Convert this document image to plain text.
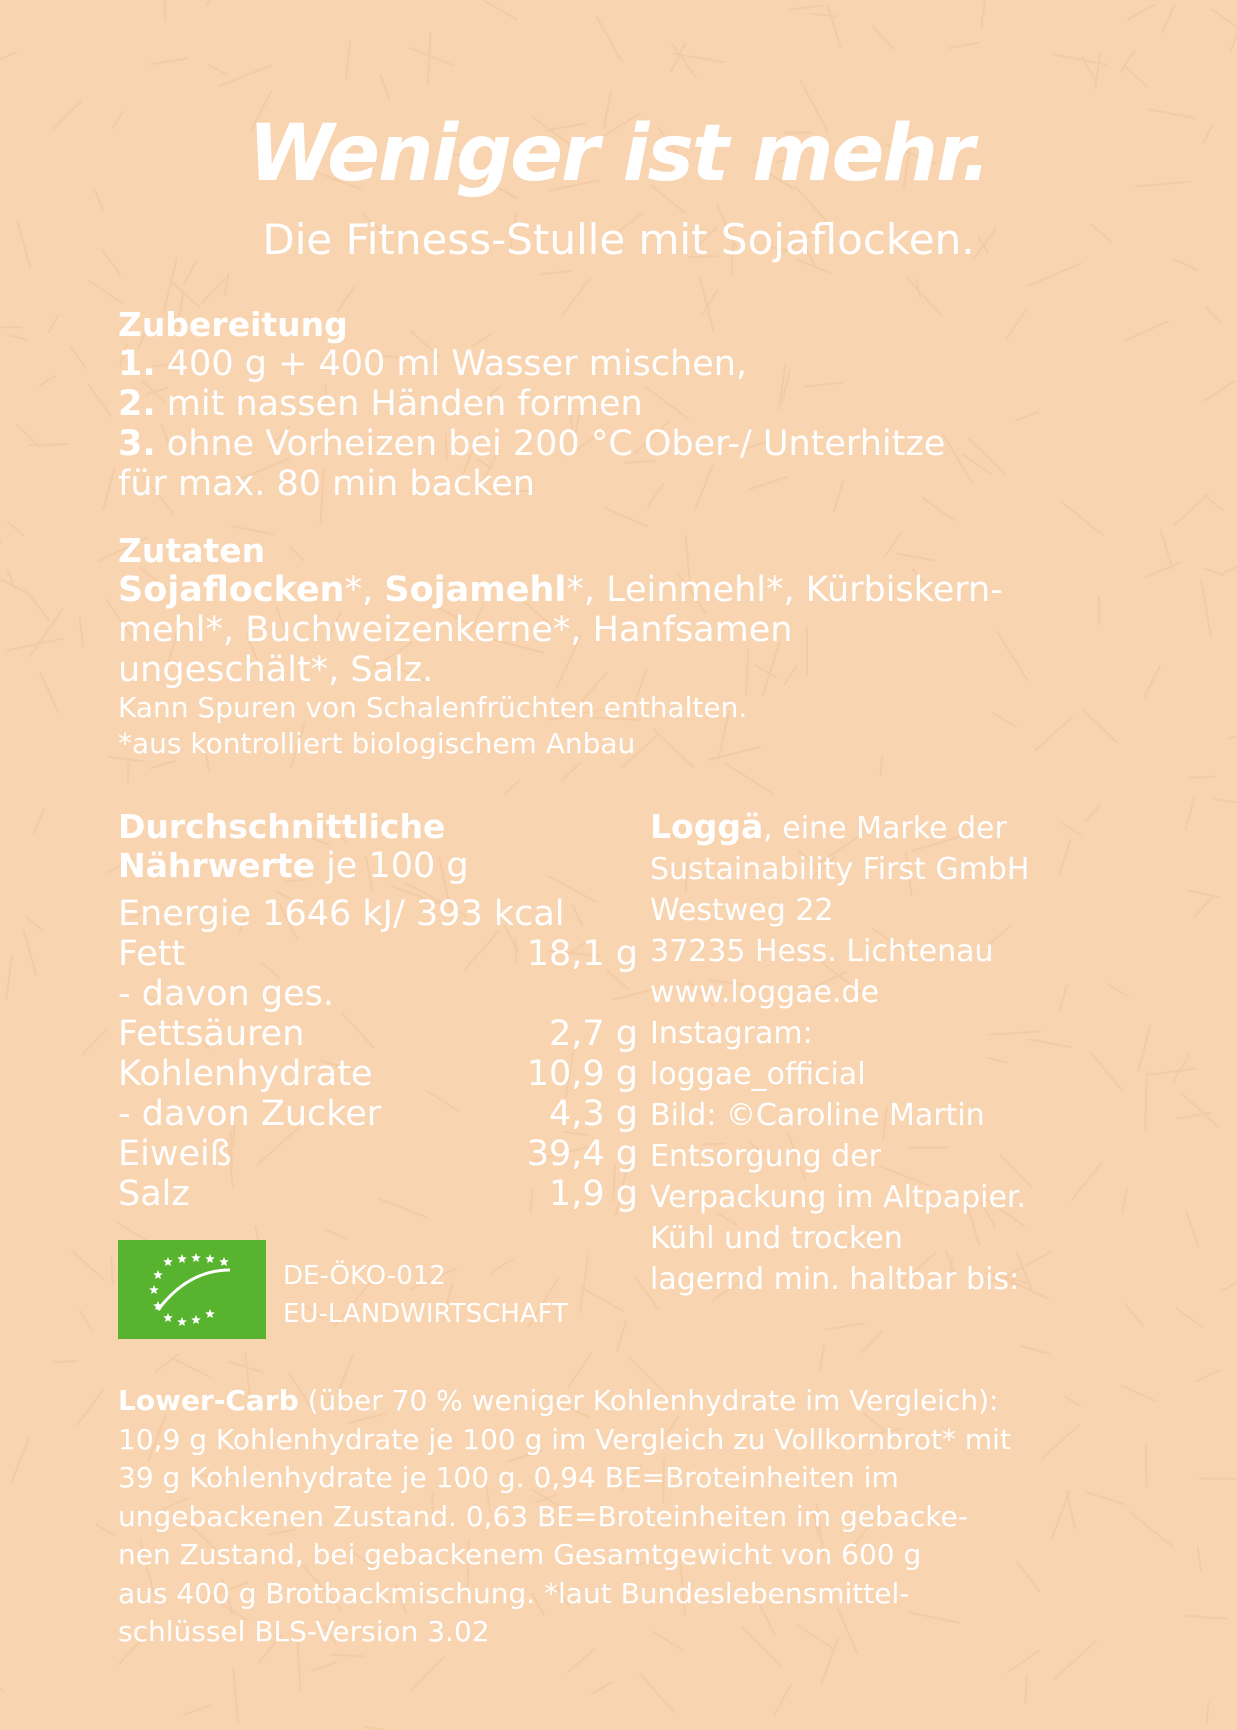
Weniger ist mehr.
Die Fitness-Stulle mit Sojaflocken.
Zubereitung
1. 400 g + 400 ml Wasser mischen,
2. mit nassen Händen formen
3. ohne Vorheizen bei 200 °C Ober-/ Unterhitze
für max. 80 min backen
Zutaten
Sojaflocken*, Sojamehl*, Leinmehl*, Kürbiskern-
mehl*, Buchweizenkerne*, Hanfsamen
ungeschält*, Salz.
Kann Spuren von Schalenfrüchten enthalten.
*aus kontrolliert biologischem Anbau
Durchschnittliche
Nährwerte je 100 g
Energie 1646 kJ/ 393 kcal
Fett	18,1 g
- davon ges.
Fettsäuren	2,7 g
Kohlenhydrate	10,9 g
- davon Zucker	4,3 g
Eiweiß	39,4 g
Salz	1,9 g
Loggä, eine Marke der
Sustainability First GmbH
Westweg 22
37235 Hess. Lichtenau
www.loggae.de
Instagram:
loggae_official
Bild: ©Caroline Martin
Entsorgung der
Verpackung im Altpapier.
Kühl und trocken
lagernd min. haltbar bis:
DE-ÖKO-012
EU-LANDWIRTSCHAFT
Lower-Carb (über 70 % weniger Kohlenhydrate im Vergleich):
10,9 g Kohlenhydrate je 100 g im Vergleich zu Vollkornbrot* mit
39 g Kohlenhydrate je 100 g. 0,94 BE=Broteinheiten im
ungebackenen Zustand. 0,63 BE=Broteinheiten im gebacke-
nen Zustand, bei gebackenem Gesamtgewicht von 600 g
aus 400 g Brotbackmischung. *laut Bundeslebensmittel-
schlüssel BLS-Version 3.02
